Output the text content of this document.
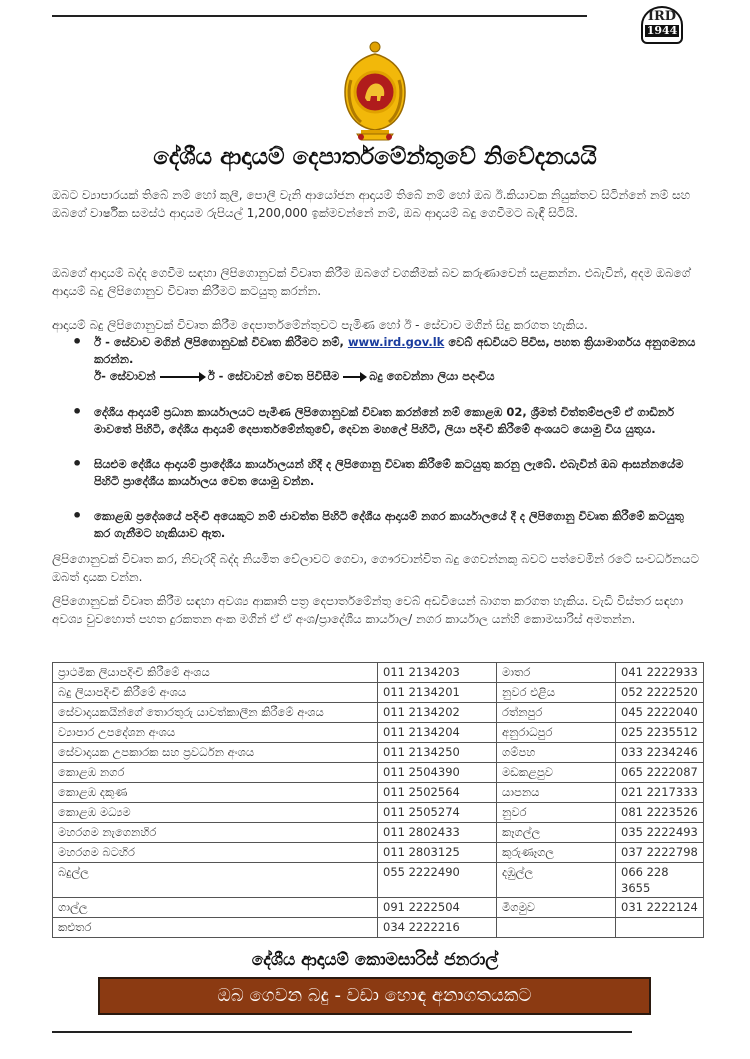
IRD
1944
දේශීය ආදායම් දෙපාර්තමේන්තුවේ නිවේදනයයි

ඔබට ව්‍යාපාරයක් තිබේ නම් හෝ කුලී, පොලී වැනි ආයෝජන ආදායම් තිබේ නම් හෝ ඔබ ඊ.කියාවක නියුක්තව සිටින්නේ නම් සහ ඔබගේ වාර්ෂික සමස්ථ ආදායම රුපියල් 1,200,000 ඉක්මවන්නේ නම්, ඔබ ආදායම් බදු ගෙවීමට බැඳී සිටියි.

ඔබගේ ආදායම් බද්ද ගෙවීම සඳහා ලිපිගොනුවක් විවෘත කිරීම ඔබගේ වගකීමක් බව කරුණාවෙන් සළකන්න. එබැවින්, අදම ඔබගේ ආදායම් බදු ලිපිගොනුව විවෘත කිරීමට කටයුතු කරන්න.

ආදායම් බදු ලිපිගොනුවක් විවෘත කිරීම දෙපාර්තමේන්තුවට පැමිණ හෝ ඊ - සේවාව මගින් සිදු කරගත හැකිය.

• ඊ - සේවාව මගින් ලිපිගොනුවක් විවෘත කිරීමට නම්, www.ird.gov.lk වෙබ් අඩවියට පිවිස, පහත ක්‍රියාමාර්ගය අනුගමනය කරන්න.
ඊ- සේවාවන්	ඊ - සේවාවන් වෙත පිවිසීම	බදු ගෙවන්නා ලියා පදංචිය
• දේශීය ආදායම් ප්‍රධාන කාර්යාලයට පැමිණ ලිපිගොනුවක් විවෘත කරන්නේ නම් කොළඹ 02, ශ්‍රීමත් චිත්තම්පලම් ඒ ගාඩිනර් මාවතේ පිහිටි, දේශීය ආදායම් දෙපාර්තමේන්තුවේ, දෙවන මහලේ පිහිටි, ලියා පදිංචි කිරීමේ අංශයට යොමු විය යුතුය.
• සියළුම දේශීය ආදායම් ප්‍රාදේශීය කාර්යාලයන් හිදී ද ලිපිගොනු විවෘත කිරීමේ කටයුතු කරනු ලැබේ. එබැවින් ඔබ ආසන්නයේම පිහිටි ප්‍රාදේශීය කාර්යාලය වෙත යොමු වන්න.
• කොළඹ ප්‍රදේශයේ පදිංචි අයෙකුට නම් ජාවත්ත පිහිටි දේශීය ආදායම් නගර කාර්යාලයේ දී ද ලිපිගොනු විවෘත කිරීමේ කටයුතු කර ගැනීමට හැකියාව ඇත.

ලිපිගොනුවක් විවෘත කර, නිවැරදි බද්ද නියමිත වේලාවට ගෙවා, ගෞරවාන්විත බදු ගෙවන්නකු බවට පත්වෙමින් රටේ සංවර්ධනයට ඔබත් දායක වන්න.

ලිපිගොනුවක් විවෘත කිරීම සඳහා අවශ්‍ය ආකෘති පත්‍ර දෙපාර්තමේන්තු වෙබ් අඩවියෙන් බාගත කරගත හැකිය. වැඩි විස්තර සඳහා අවශ්‍ය වුවහොත් පහත දුරකතන අංක මගින් ඒ ඒ අංශ/ප්‍රාදේශීය කාර්යාල/ නගර කාර්යාල යන්හි කොමසාරිස් අමතන්න.

ප්‍රාථමික ලියාපදිංචි කිරීමේ අංශය	011 2134203	මාතර	041 2222933
බදු ලියාපදිංචි කිරීමේ අංශය	011 2134201	නුවර එළිය	052 2222520
සේවාදායකයින්ගේ තොරතුරු යාවත්කාලීන කිරීමේ අංශය	011 2134202	රත්නපුර	045 2222040
ව්‍යාපාර උපදේශන අංශය	011 2134204	අනුරාධපුර	025 2235512
සේවාදායක උපකාරක සහ ප්‍රවර්ධන අංශය	011 2134250	ගම්පහ	033 2234246
කොළඹ නගර	011 2504390	මඩකළපුව	065 2222087
කොළඹ දකුණ	011 2502564	යාපනය	021 2217333
කොළඹ මධ්‍යම	011 2505274	නුවර	081 2223526
මහරගම නැගෙනහිර	011 2802433	කෑගල්ල	035 2222493
මහරගම බටහිර	011 2803125	කුරුණෑගල	037 2222798
බදුල්ල	055 2222490	දඹුල්ල	066 228 3655
ගාල්ල	091 2222504	මීගමුව	031 2222124
කළුතර	034 2222216		
දේශීය ආදායම් කොමසාරිස් ජනරාල්
ඔබ ගෙවන බදු - වඩා හොඳ අනාගතයකට
